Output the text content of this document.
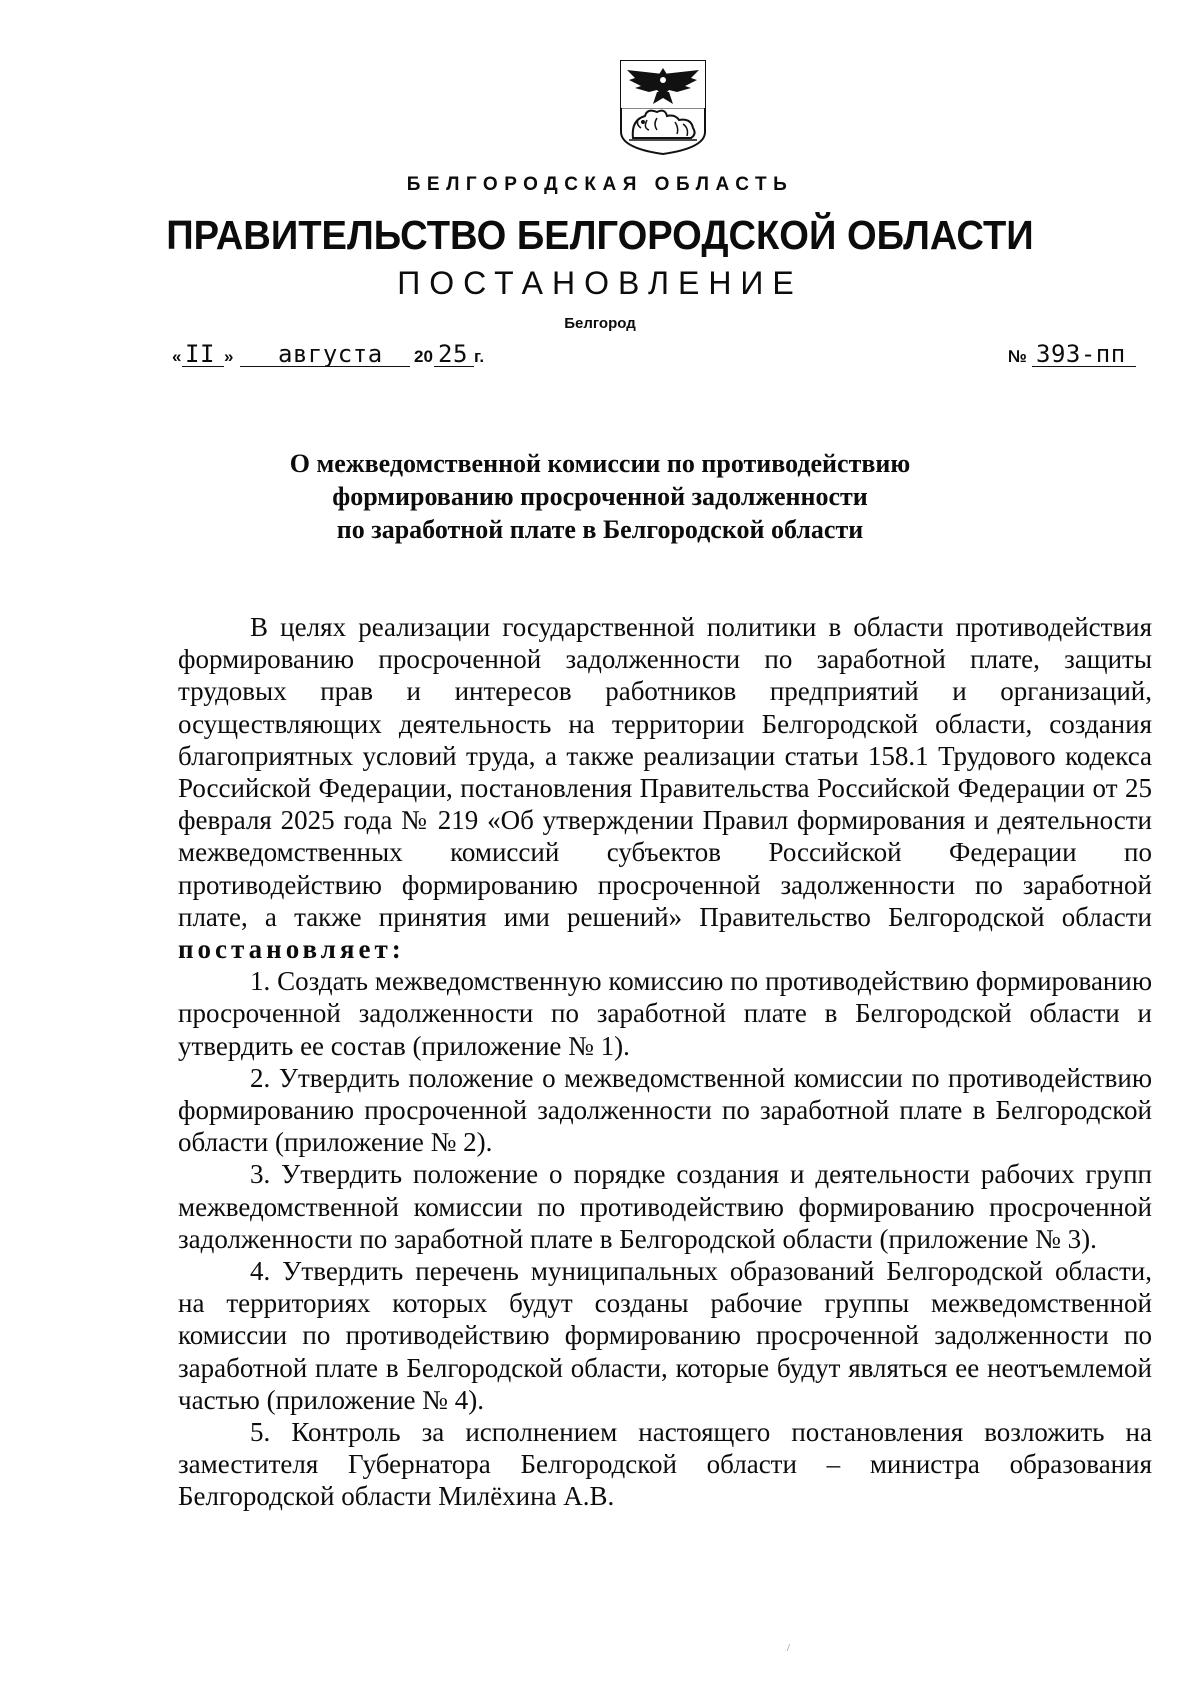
БЕЛГОРОДСКАЯ ОБЛАСТЬ
ПРАВИТЕЛЬСТВО БЕЛГОРОДСКОЙ ОБЛАСТИ
ПОСТАНОВЛЕНИЕ
Белгород
« II » августа 20 25 г.	№ 393-пп
О межведомственной комиссии по противодействию
формированию просроченной задолженности
по заработной плате в Белгородской области

В целях реализации государственной политики в области противодействия формированию просроченной задолженности по заработной плате, защиты трудовых прав и интересов работников предприятий и организаций, осуществляющих деятельность на территории Белгородской области, создания благоприятных условий труда, а также реализации статьи 158.1 Трудового кодекса Российской Федерации, постановления Правительства Российской Федерации от 25 февраля 2025 года № 219 «Об утверждении Правил формирования и деятельности межведомственных комиссий субъектов Российской Федерации по противодействию формированию просроченной задолженности по заработной плате, а также принятия ими решений» Правительство Белгородской области постановляет:

1. Создать межведомственную комиссию по противодействию формированию просроченной задолженности по заработной плате в Белгородской области и утвердить ее состав (приложение № 1).

2. Утвердить положение о межведомственной комиссии по противодействию формированию просроченной задолженности по заработной плате в Белгородской области (приложение № 2).

3. Утвердить положение о порядке создания и деятельности рабочих групп межведомственной комиссии по противодействию формированию просроченной задолженности по заработной плате в Белгородской области (приложение № 3).

4. Утвердить перечень муниципальных образований Белгородской области, на территориях которых будут созданы рабочие группы межведомственной комиссии по противодействию формированию просроченной задолженности по заработной плате в Белгородской области, которые будут являться ее неотъемлемой частью (приложение № 4).

5. Контроль за исполнением настоящего постановления возложить на заместителя Губернатора Белгородской области – министра образования Белгородской области Милёхина А.В.

/
